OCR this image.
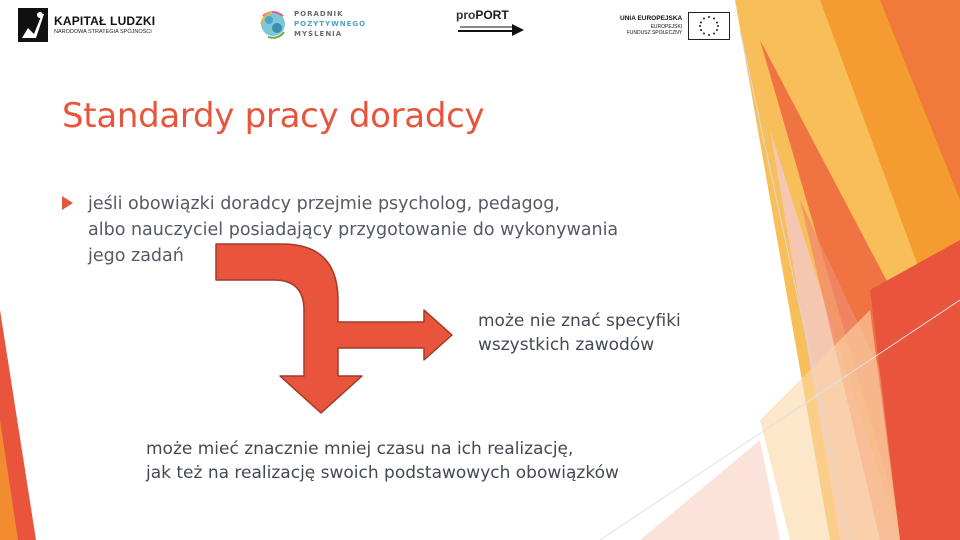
KAPITAŁ LUDZKI
NARODOWA STRATEGIA SPÓJNOŚCI
PORADNIK
POZYTYWNEGO
MYŚLENIA
proPORT	UNIA EUROPEJSKA
EUROPEJSKI
FUNDUSZ SPOŁECZNY
Standardy pracy doradcy
jeśli obowiązki doradcy przejmie psycholog, pedagog,
albo nauczyciel posiadający przygotowanie do wykonywania
jego zadań
może nie znać specyfiki
wszystkich zawodów
może mieć znacznie mniej czasu na ich realizację,
jak też na realizację swoich podstawowych obowiązków
